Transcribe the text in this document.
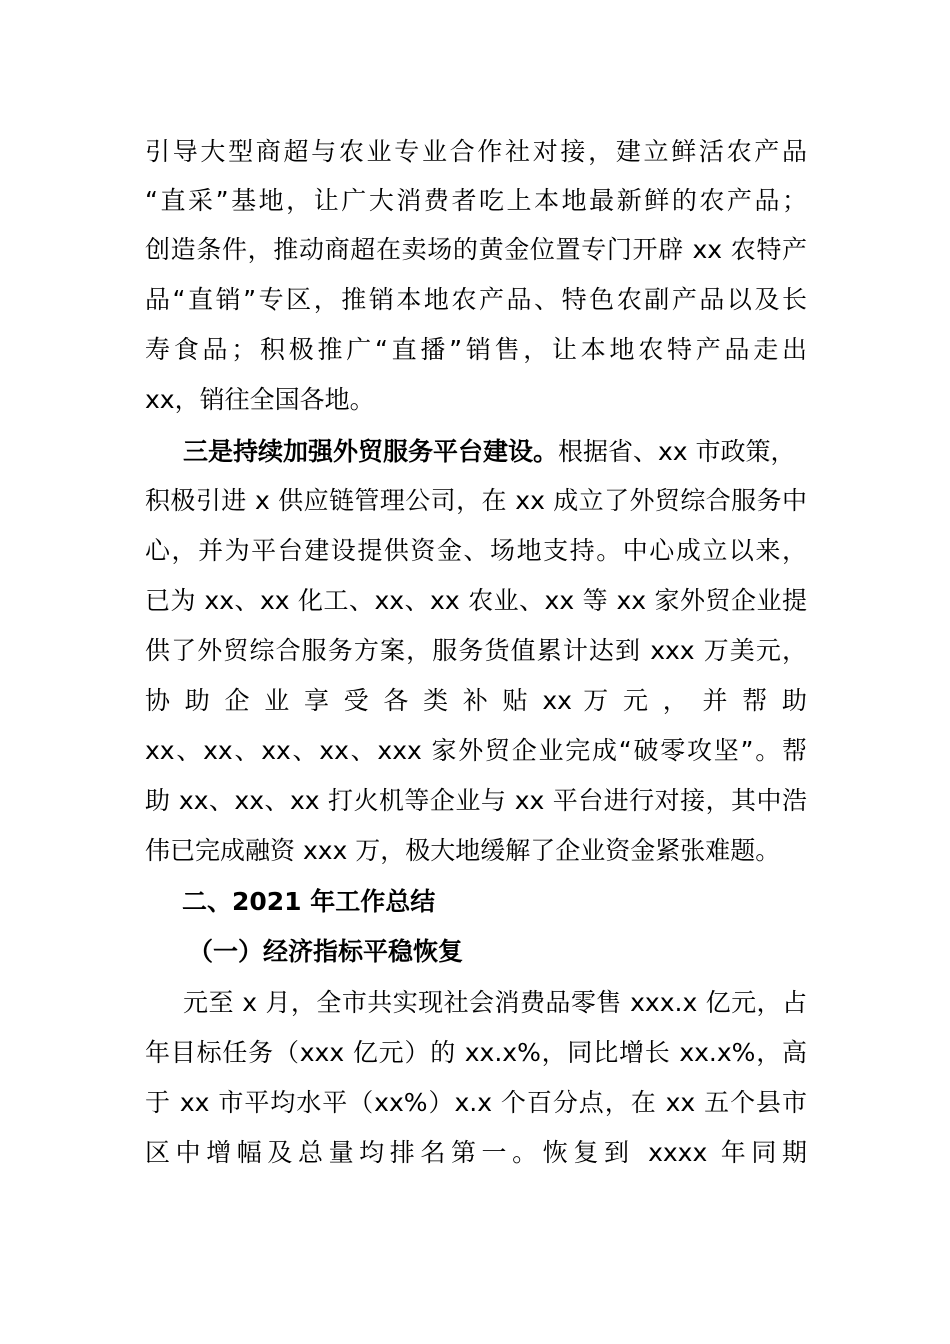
引导大型商超与农业专业合作社对接，建立鲜活农产品
“直采”基地，让广大消费者吃上本地最新鲜的农产品；
创造条件，推动商超在卖场的黄金位置专门开辟 xx 农特产
品“直销”专区，推销本地农产品、特色农副产品以及长
寿食品；积极推广“直播”销售，让本地农特产品走出
xx，销往全国各地。
三是持续加强外贸服务平台建设。根据省、xx 市政策，
积极引进 x 供应链管理公司，在 xx 成立了外贸综合服务中
心，并为平台建设提供资金、场地支持。中心成立以来，
已为 xx、xx 化工、xx、xx 农业、xx 等 xx 家外贸企业提
供了外贸综合服务方案，服务货值累计达到 xxx 万美元，
协 助 企 业 享 受 各 类 补 贴 xx 万 元 ， 并 帮 助
xx、xx、xx、xx、xxx 家外贸企业完成“破零攻坚”。帮
助 xx、xx、xx 打火机等企业与 xx 平台进行对接，其中浩
伟已完成融资 xxx 万，极大地缓解了企业资金紧张难题。
二、2021 年工作总结
（一）经济指标平稳恢复
元至 x 月，全市共实现社会消费品零售 xxx.x 亿元，占
年目标任务（xxx 亿元）的 xx.x%，同比增长 xx.x%，高
于 xx 市平均水平（xx%）x.x 个百分点，在 xx 五个县市
区中增幅及总量均排名第一。恢复到 xxxx 年同期
